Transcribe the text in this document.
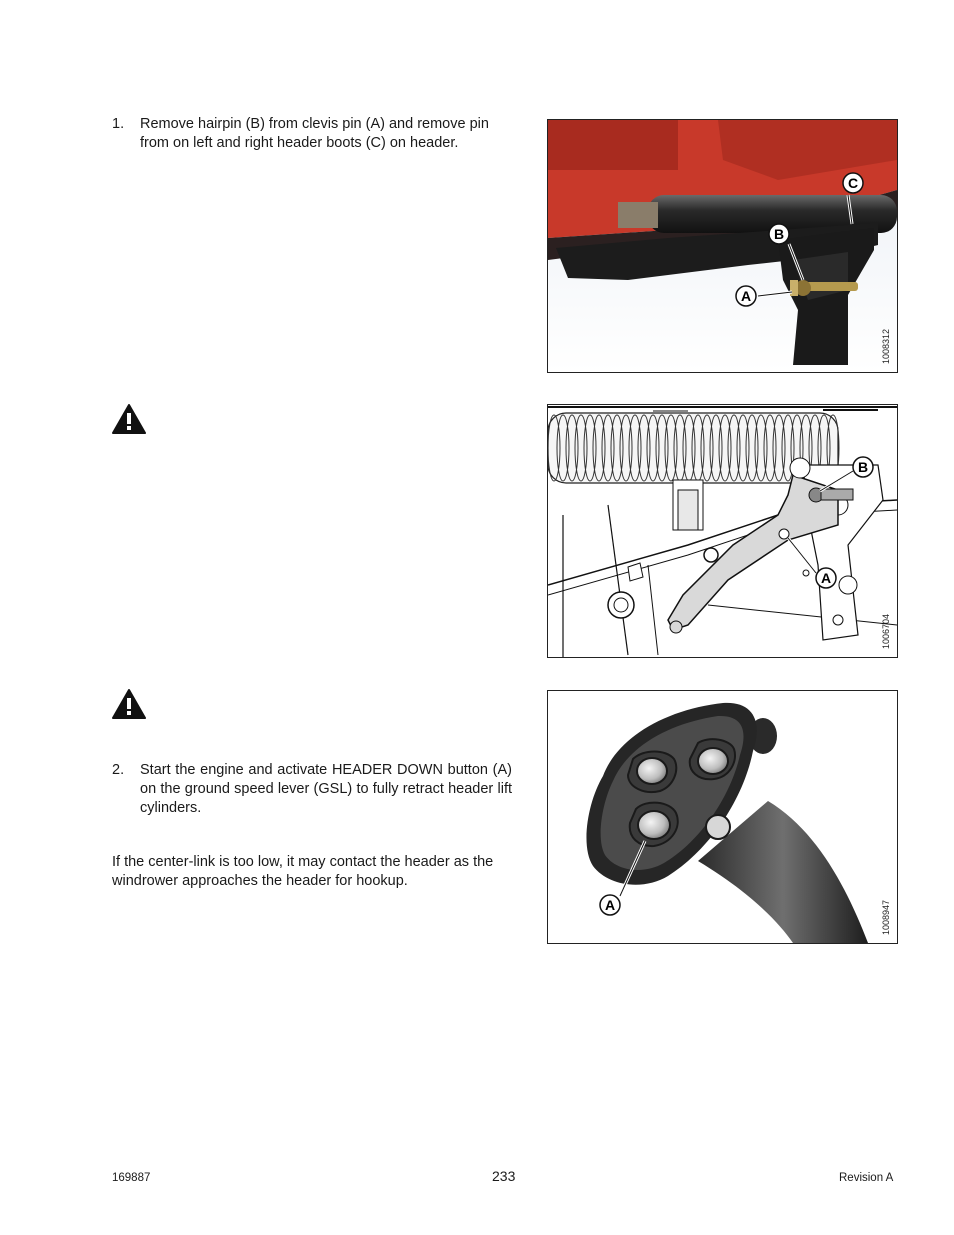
1. Remove hairpin (B) from clevis pin (A) and remove pin from on left and right header boots (C) on header.
C
B
A
1008312
B
A
1006704
2. Start the engine and activate HEADER DOWN button (A) on the ground speed lever (GSL) to fully retract header lift cylinders.
If the center-link is too low, it may contact the header as the windrower approaches the header for hookup.
A	1008947
169887	233	Revision A
